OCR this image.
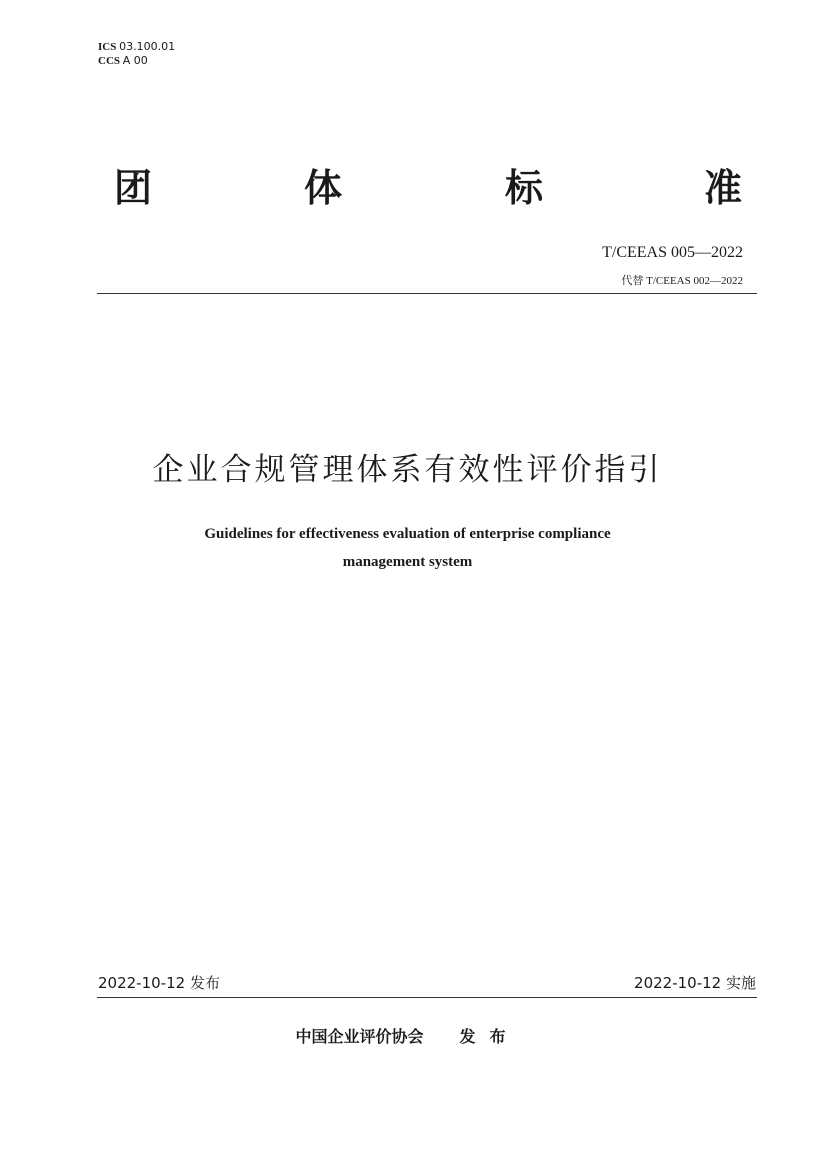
ICS 03.100.01
CCS A 00
团	体	标	准
T/CEEAS 005—2022
代替 T/CEEAS 002—2022
企业合规管理体系有效性评价指引
Guidelines for effectiveness evaluation of enterprise compliance
management system
2022-10-12 发布	2022-10-12 实施
中国企业评价协会 发布
